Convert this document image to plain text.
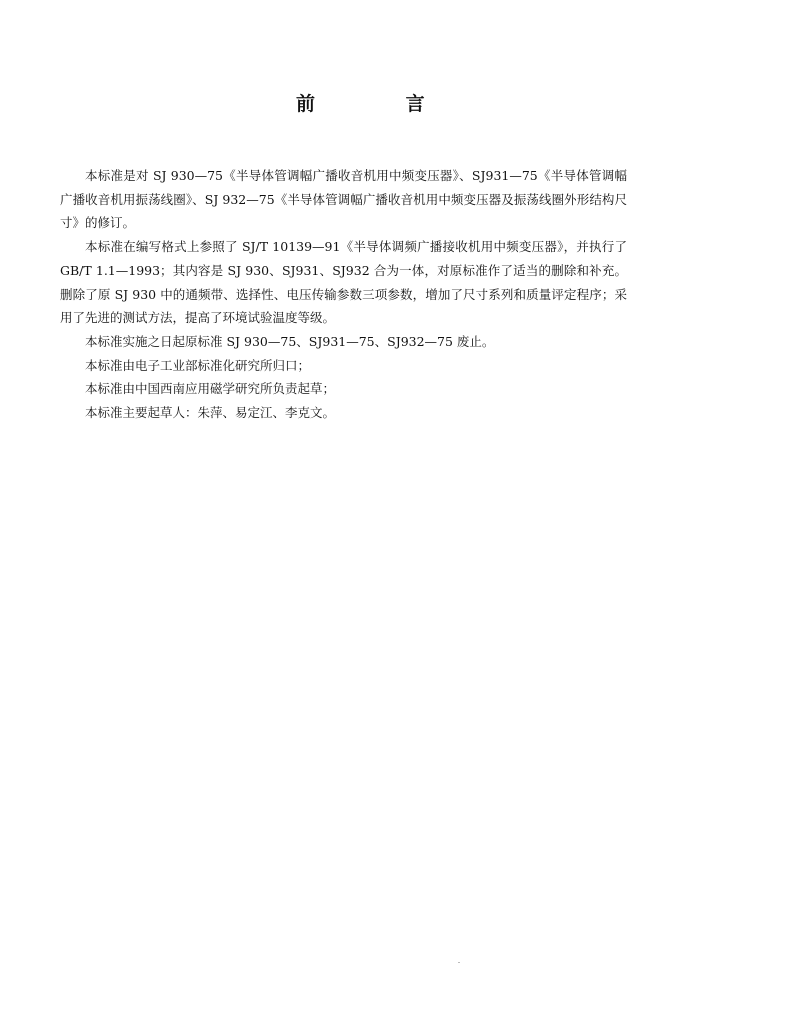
前 言

本标准是对 SJ 930—75《半导体管调幅广播收音机用中频变压器》、SJ931—75《半导体管调幅广播收音机用振荡线圈》、SJ 932—75《半导体管调幅广播收音机用中频变压器及振荡线圈外形结构尺寸》的修订。

本标准在编写格式上参照了 SJ/T 10139—91《半导体调频广播接收机用中频变压器》，并执行了 GB/T 1.1—1993；其内容是 SJ 930、SJ931、SJ932 合为一体，对原标准作了适当的删除和补充。删除了原 SJ 930 中的通频带、选择性、电压传输参数三项参数，增加了尺寸系列和质量评定程序；采用了先进的测试方法，提高了环境试验温度等级。

本标准实施之日起原标准 SJ 930—75、SJ931—75、SJ932—75 废止。

本标准由电子工业部标准化研究所归口；

本标准由中国西南应用磁学研究所负责起草；

本标准主要起草人：朱萍、易定江、李克文。
